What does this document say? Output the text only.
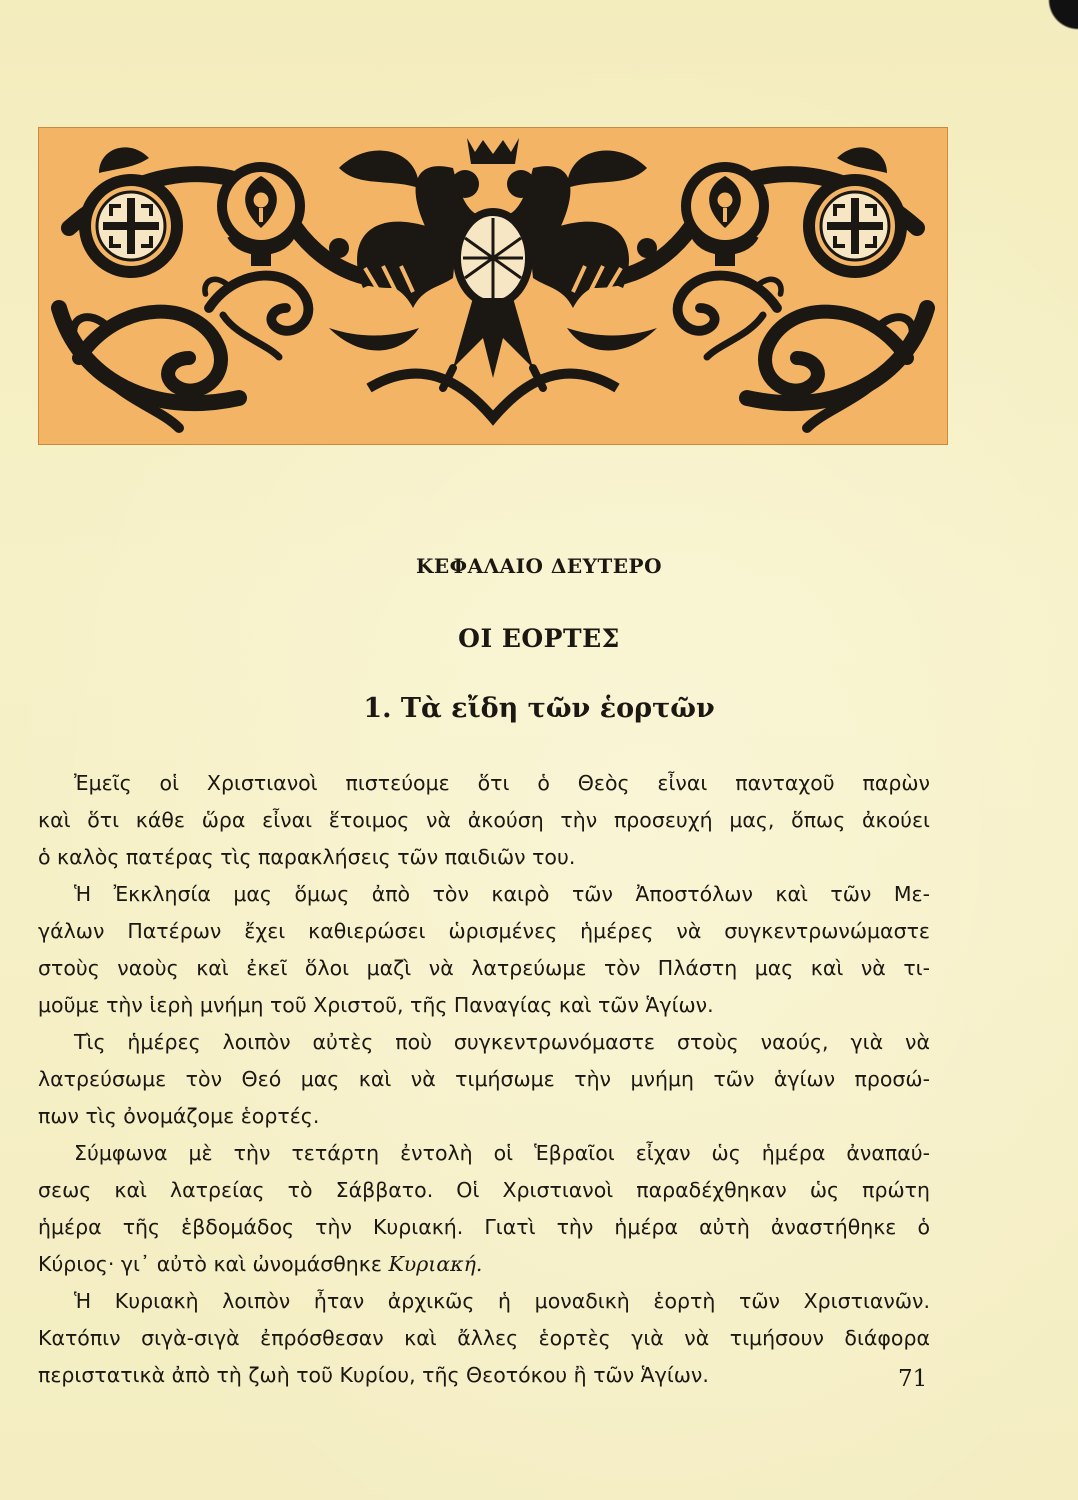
ΚΕΦΑΛΑΙΟ ΔΕΥΤΕΡΟ
ΟΙ ΕΟΡΤΕΣ
1. Τὰ εἴδη τῶν ἑορτῶν

Ἐμεῖς οἱ Χριστιανοὶ πιστεύομε ὅτι ὁ Θεὸς εἶναι πανταχοῦ παρὼν

καὶ ὅτι κάθε ὥρα εἶναι ἕτοιμος νὰ ἀκούση τὴν προσευχή μας, ὅπως ἀκούει

ὁ καλὸς πατέρας τὶς παρακλήσεις τῶν παιδιῶν του.

Ἡ Ἐκκλησία μας ὅμως ἀπὸ τὸν καιρὸ τῶν Ἀποστόλων καὶ τῶν Με-

γάλων Πατέρων ἔχει καθιερώσει ὡρισμένες ἡμέρες νὰ συγκεντρωνώμαστε

στοὺς ναοὺς καὶ ἐκεῖ ὅλοι μαζὶ νὰ λατρεύωμε τὸν Πλάστη μας καὶ νὰ τι-

μοῦμε τὴν ἱερὴ μνήμη τοῦ Χριστοῦ, τῆς Παναγίας καὶ τῶν Ἁγίων.

Τὶς ἡμέρες λοιπὸν αὐτὲς ποὺ συγκεντρωνόμαστε στοὺς ναούς, γιὰ νὰ

λατρεύσωμε τὸν Θεό μας καὶ νὰ τιμήσωμε τὴν μνήμη τῶν ἁγίων προσώ-

πων τὶς ὀνομάζομε ἑορτές.

Σύμφωνα μὲ τὴν τετάρτη ἐντολὴ οἱ Ἑβραῖοι εἶχαν ὡς ἡμέρα ἀναπαύ-

σεως καὶ λατρείας τὸ Σάββατο. Οἱ Χριστιανοὶ παραδέχθηκαν ὡς πρώτη

ἡμέρα τῆς ἑβδομάδος τὴν Κυριακή. Γιατὶ τὴν ἡμέρα αὐτὴ ἀναστήθηκε ὁ

Κύριος· γι᾽ αὐτὸ καὶ ὠνομάσθηκε Κυριακή.

Ἡ Κυριακὴ λοιπὸν ἦταν ἀρχικῶς ἡ μοναδικὴ ἑορτὴ τῶν Χριστιανῶν.

Κατόπιν σιγὰ-σιγὰ ἐπρόσθεσαν καὶ ἄλλες ἑορτὲς γιὰ νὰ τιμήσουν διάφορα

περιστατικὰ ἀπὸ τὴ ζωὴ τοῦ Κυρίου, τῆς Θεοτόκου ἢ τῶν Ἁγίων.	71
